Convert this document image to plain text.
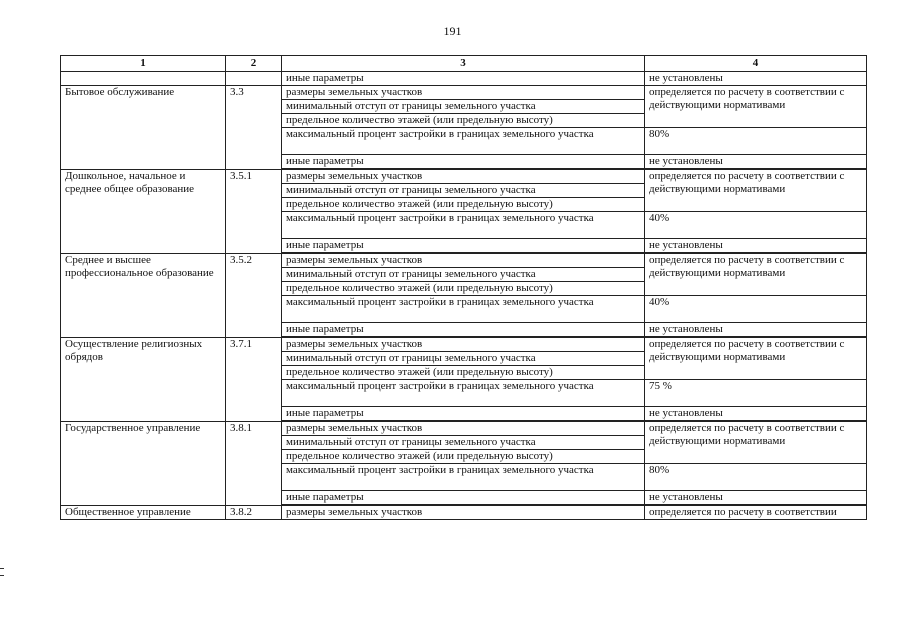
191
1	2	3	4
		иные параметры	не установлены
Бытовое обслуживание	3.3	размеры земельных участков	определяется по расчету в соответствии с действующими нормативами
		минимальный отступ от границы земельного участка	
		предельное количество этажей (или предельную высоту)	
		максимальный процент застройки в границах земельного участка	80%
		иные параметры	не установлены

Дошкольное, начальное и среднее общее образование	3.5.1	размеры земельных участков	определяется по расчету в соответствии с действующими нормативами
		минимальный отступ от границы земельного участка	
		предельное количество этажей (или предельную высоту)	
		максимальный процент застройки в границах земельного участка	40%
		иные параметры	не установлены

Среднее и высшее профессиональное образование	3.5.2	размеры земельных участков	определяется по расчету в соответствии с действующими нормативами
		минимальный отступ от границы земельного участка	
		предельное количество этажей (или предельную высоту)	
		максимальный процент застройки в границах земельного участка	40%
		иные параметры	не установлены

Осуществление религиозных обрядов	3.7.1	размеры земельных участков	определяется по расчету в соответствии с действующими нормативами
		минимальный отступ от границы земельного участка	
		предельное количество этажей (или предельную высоту)	
		максимальный процент застройки в границах земельного участка	75 %
		иные параметры	не установлены

Государственное управление	3.8.1	размеры земельных участков	определяется по расчету в соответствии с действующими нормативами
		минимальный отступ от границы земельного участка	
		предельное количество этажей (или предельную высоту)	
		максимальный процент застройки в границах земельного участка	80%
		иные параметры	не установлены

Общественное управление	3.8.2	размеры земельных участков	определяется по расчету в соответствии
